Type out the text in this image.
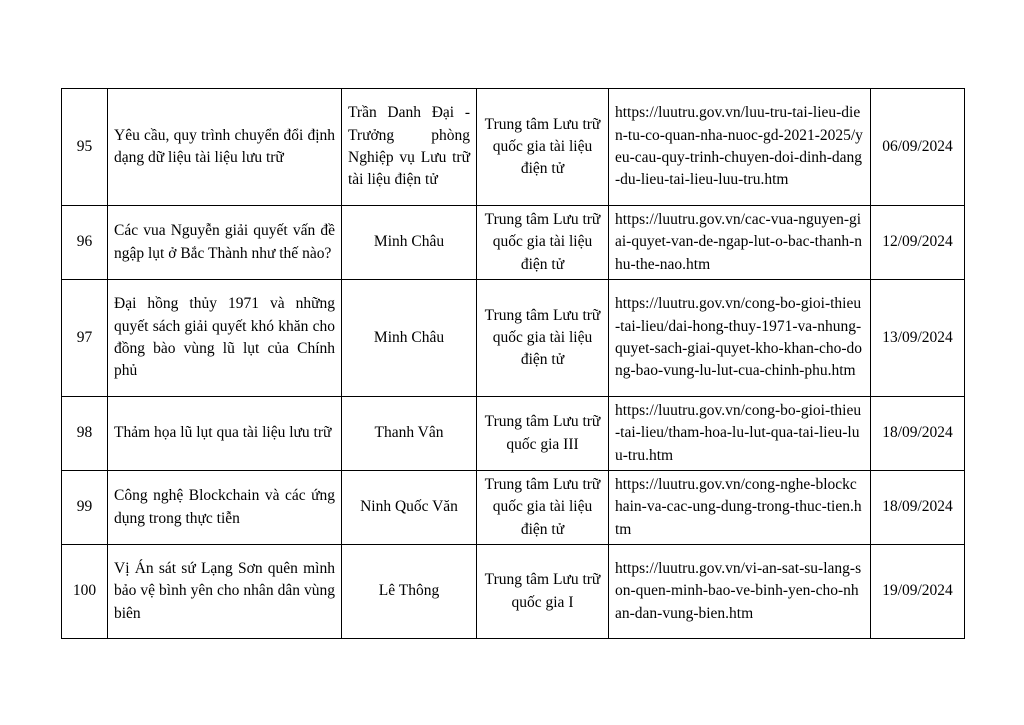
95	Yêu cầu, quy trình chuyển đổi định dạng dữ liệu tài liệu lưu trữ	Trần Danh Đại - Trưởng phòng Nghiệp vụ Lưu trữ tài liệu điện tử	Trung tâm Lưu trữ quốc gia tài liệu điện tử	https://luutru.gov.vn/luu-tru-tai-lieu-dien-tu-co-quan-nha-nuoc-gd-2021-2025/yeu-cau-quy-trinh-chuyen-doi-dinh-dang-du-lieu-tai-lieu-luu-tru.htm	06/09/2024
96	Các vua Nguyễn giải quyết vấn đề ngập lụt ở Bắc Thành như thế nào?	Minh Châu	Trung tâm Lưu trữ quốc gia tài liệu điện tử	https://luutru.gov.vn/cac-vua-nguyen-giai-quyet-van-de-ngap-lut-o-bac-thanh-nhu-the-nao.htm	12/09/2024
97	Đại hồng thủy 1971 và những quyết sách giải quyết khó khăn cho đồng bào vùng lũ lụt của Chính phủ	Minh Châu	Trung tâm Lưu trữ quốc gia tài liệu điện tử	https://luutru.gov.vn/cong-bo-gioi-thieu-tai-lieu/dai-hong-thuy-1971-va-nhung-quyet-sach-giai-quyet-kho-khan-cho-dong-bao-vung-lu-lut-cua-chinh-phu.htm	13/09/2024
98	Thảm họa lũ lụt qua tài liệu lưu trữ	Thanh Vân	Trung tâm Lưu trữ quốc gia III	https://luutru.gov.vn/cong-bo-gioi-thieu-tai-lieu/tham-hoa-lu-lut-qua-tai-lieu-luu-tru.htm	18/09/2024
99	Công nghệ Blockchain và các ứng dụng trong thực tiễn	Ninh Quốc Văn	Trung tâm Lưu trữ quốc gia tài liệu điện tử	https://luutru.gov.vn/cong-nghe-blockchain-va-cac-ung-dung-trong-thuc-tien.htm	18/09/2024
100	Vị Án sát sứ Lạng Sơn quên mình bảo vệ bình yên cho nhân dân vùng biên	Lê Thông	Trung tâm Lưu trữ quốc gia I	https://luutru.gov.vn/vi-an-sat-su-lang-son-quen-minh-bao-ve-binh-yen-cho-nhan-dan-vung-bien.htm	19/09/2024
